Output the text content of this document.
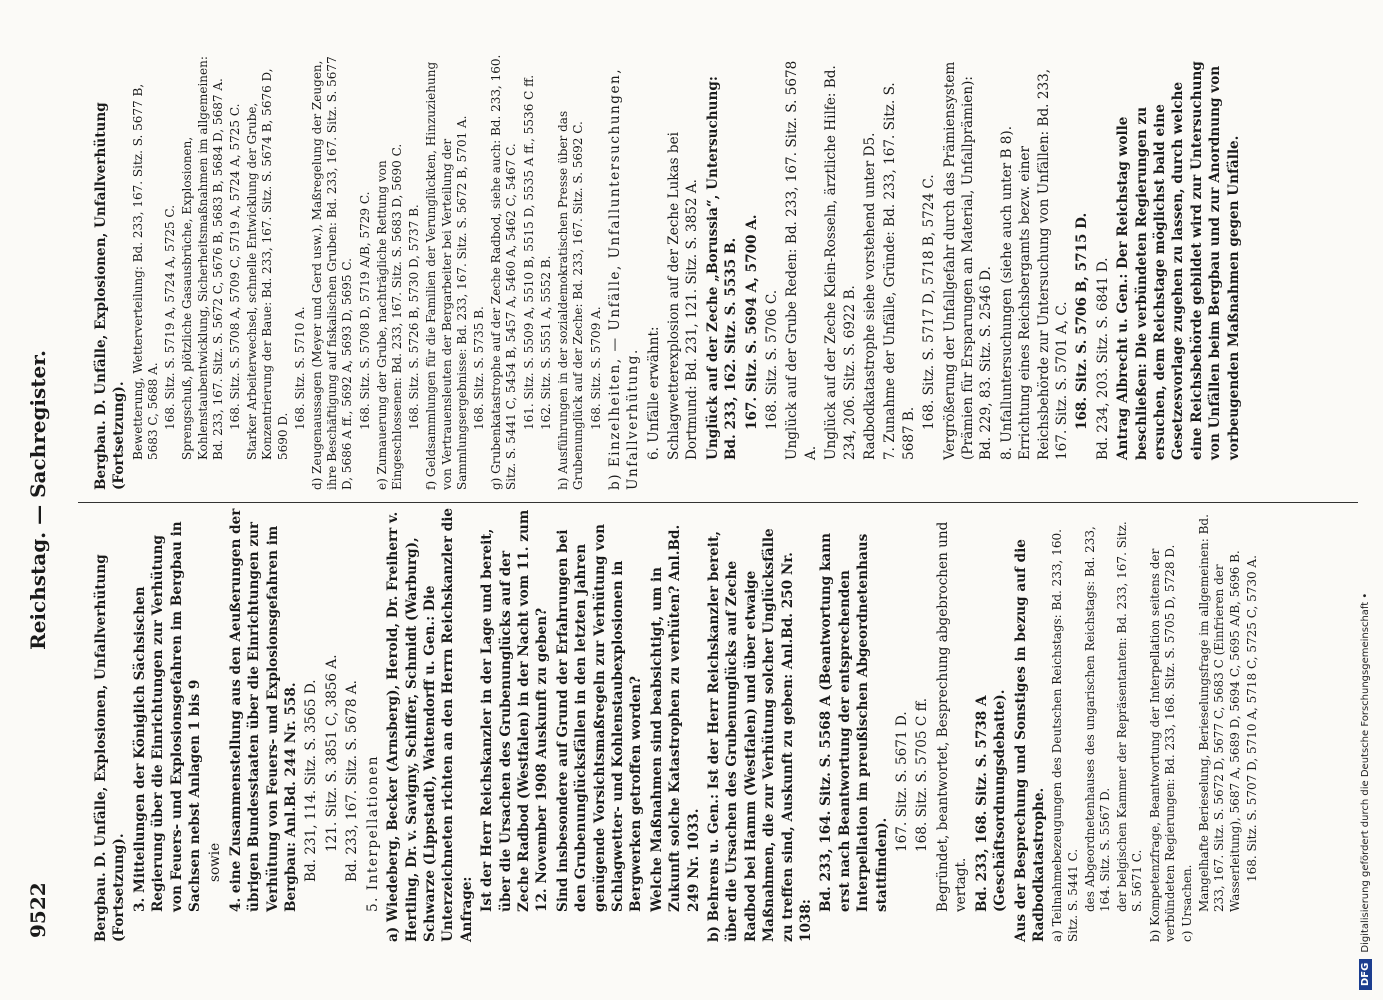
9522
Reichstag. — Sachregister.
Bergbau. D. Unfälle, Explosionen, Unfallverhütung (Fortsetzung). 3. Mitteilungen der Königlich Sächsischen Regierung über die Einrichtungen zur Verhütung von Feuers- und Explosionsgefahren im Bergbau in Sachsen nebst Anlagen 1 bis 9 sowie 4. eine Zusammenstellung aus den Aeußerungen der übrigen Bundesstaaten über die Einrichtungen zur Verhütung von Feuers- und Explosionsgefahren im Bergbau: Anl.Bd. 244 Nr. 558. Bd. 231, 114. Sitz. S. 3565 D. 121. Sitz. S. 3851 C, 3856 A. Bd. 233, 167. Sitz. S. 5678 A. 5. Interpellationen a) Wiedeberg, Becker (Arnsberg), Herold, Dr. Freiherr v. Hertling, Dr. v. Savigny, Schiffer, Schmidt (Warburg), Schwarze (Lippstadt), Wattendorff u. Gen.: Die Unterzeichneten richten an den Herrn Reichskanzler die Anfrage: Ist der Herr Reichskanzler in der Lage und bereit, über die Ursachen des Grubenunglücks auf der Zeche Radbod (Westfalen) in der Nacht vom 11. zum 12. November 1908 Auskunft zu geben? Sind insbesondere auf Grund der Erfahrungen bei den Grubenunglücksfällen in den letzten Jahren genügende Vorsichtsmaßregeln zur Verhütung von Schlagwetter- und Kohlenstaubexplosionen in Bergwerken getroffen worden? Welche Maßnahmen sind beabsichtigt, um in Zukunft solche Katastrophen zu verhüten? Anl.Bd. 249 Nr. 1033. b) Behrens u. Gen.: Ist der Herr Reichskanzler bereit, über die Ursachen des Grubenunglücks auf Zeche Radbod bei Hamm (Westfalen) und über etwaige Maßnahmen, die zur Verhütung solcher Unglücksfälle zu treffen sind, Auskunft zu geben: Anl.Bd. 250 Nr. 1038:
Bd. 233, 164. Sitz. S. 5568 A (Beantwortung kann erst nach Beantwortung der entsprechenden Interpellation im preußischen Abgeordnetenhaus stattfinden).
167. Sitz. S. 5671 D. 168. Sitz. S. 5705 C ff. Begründet, beantwortet, Besprechung abgebrochen und vertagt. Bd. 233, 168. Sitz. S. 5738 A (Geschäftsordnungsdebatte). Aus der Besprechung und Sonstiges in bezug auf die Radbodkatastrophe. a) Teilnahmebezeugungen des Deutschen Reichstags: Bd. 233, 160. Sitz. S. 5441 C. des Abgeordnetenhauses des ungarischen Reichstags: Bd. 233, 164. Sitz. S. 5567 D. der belgischen Kammer der Repräsentanten: Bd. 233, 167. Sitz. S. 5671 C. b) Kompetenzfrage, Beantwortung der Interpellation seitens der verbündeten Regierungen: Bd. 233, 168. Sitz. S. 5705 D, 5728 D. c) Ursachen. Mangelhafte Berieselung, Berieselungsfrage im allgemeinen: Bd. 233, 167. Sitz. S. 5672 D, 5677 C, 5683 C (Einfrieren der Wasserleitung), 5687 A, 5689 D, 5694 C, 5695 A/B, 5696 B. 168. Sitz. S. 5707 D, 5710 A, 5718 C, 5725 C, 5730 A.
Bergbau. D. Unfälle, Explosionen, Unfallverhütung (Fortsetzung). Bewetterung, Wetterverteilung: Bd. 233, 167. Sitz. S. 5677 B, 5683 C, 5688 A. 168. Sitz. S. 5719 A, 5724 A, 5725 C. Sprengschuß, plötzliche Gasausbrüche, Explosionen, Kohlenstaubentwicklung, Sicherheitsmaßnahmen im allgemeinen: Bd. 233, 167. Sitz. S. 5672 C, 5676 B, 5683 B, 5684 D, 5687 A. 168. Sitz. S. 5708 A, 5709 C, 5719 A, 5724 A, 5725 C. Starker Arbeiterwechsel, schnelle Entwicklung der Grube, Konzentrierung der Baue: Bd. 233, 167. Sitz. S. 5674 B, 5676 D, 5690 D.
168. Sitz. S. 5710 A. d) Zeugenaussagen (Meyer und Gerd usw.), Maßregelung der Zeugen, ihre Beschäftigung auf fiskalischen Gruben: Bd. 233, 167. Sitz. S. 5677 D, 5686 A ff., 5692 A, 5693 D, 5695 C. 168. Sitz. S. 5708 D, 5719 A/B, 5729 C. e) Zumauerung der Grube, nachträgliche Rettung von Eingeschlossenen: Bd. 233, 167. Sitz. S. 5683 D, 5690 C. 168. Sitz. S. 5726 B, 5730 D, 5737 B. f) Geldsammlungen für die Familien der Verunglückten, Hinzuziehung von Vertrauensleuten der Bergarbeiter bei Verteilung der Sammlungsergebnisse: Bd. 233, 167. Sitz. S. 5672 B, 5701 A. 168. Sitz. S. 5735 B. g) Grubenkatastrophe auf der Zeche Radbod, siehe auch: Bd. 233, 160. Sitz. S. 5441 C, 5454 B, 5457 A, 5460 A, 5462 C, 5467 C. 161. Sitz. S. 5509 A, 5510 B, 5515 D, 5535 A ff., 5536 C ff. 162. Sitz. S. 5551 A, 5552 B. h) Ausführungen in der sozialdemokratischen Presse über das Grubenunglück auf der Zeche: Bd. 233, 167. Sitz. S. 5692 C. 168. Sitz. S. 5709 A. b) Einzelheiten, — Unfälle, Unfalluntersuchungen, Unfallverhütung. 6. Unfälle erwähnt: Schlagwetterexplosion auf der Zeche Lukas bei Dortmund: Bd. 231, 121. Sitz. S. 3852 A. Unglück auf der Zeche „Borussia“, Untersuchung: Bd. 233, 162. Sitz. S. 5535 B. 167. Sitz. S. 5694 A, 5700 A. 168. Sitz. S. 5706 C. Unglück auf der Grube Reden: Bd. 233, 167. Sitz. S. 5678 A. Unglück auf der Zeche Klein-Rosseln, ärztliche Hilfe: Bd. 234, 206. Sitz. S. 6922 B. Radbodkatastrophe siehe vorstehend unter D5. 7. Zunahme der Unfälle, Gründe: Bd. 233, 167. Sitz. S. 5687 B.
168. Sitz. S. 5717 D, 5718 B, 5724 C. Vergrößerung der Unfallgefahr durch das Prämiensystem (Prämien für Ersparungen an Material, Unfallprämien): Bd. 229, 83. Sitz. S. 2546 D. 8. Unfalluntersuchungen (siehe auch unter B 8). Errichtung eines Reichsbergamts bezw. einer Reichsbehörde zur Untersuchung von Unfällen: Bd. 233, 167. Sitz. S. 5701 A, C. 168. Sitz. S. 5706 B, 5715 D. Bd. 234, 203. Sitz. S. 6841 D. Antrag Albrecht u. Gen.: Der Reichstag wolle beschließen: Die verbündeten Regierungen zu ersuchen, dem Reichstage möglichst bald eine Gesetzesvorlage zugehen zu lassen, durch welche eine Reichsbehörde gebildet wird zur Untersuchung von Unfällen beim Bergbau und zur Anordnung von vorbeugenden Maßnahmen gegen Unfälle.
DFG
Digitalisierung gefördert durch die Deutsche Forschungsgemeinschaft •
